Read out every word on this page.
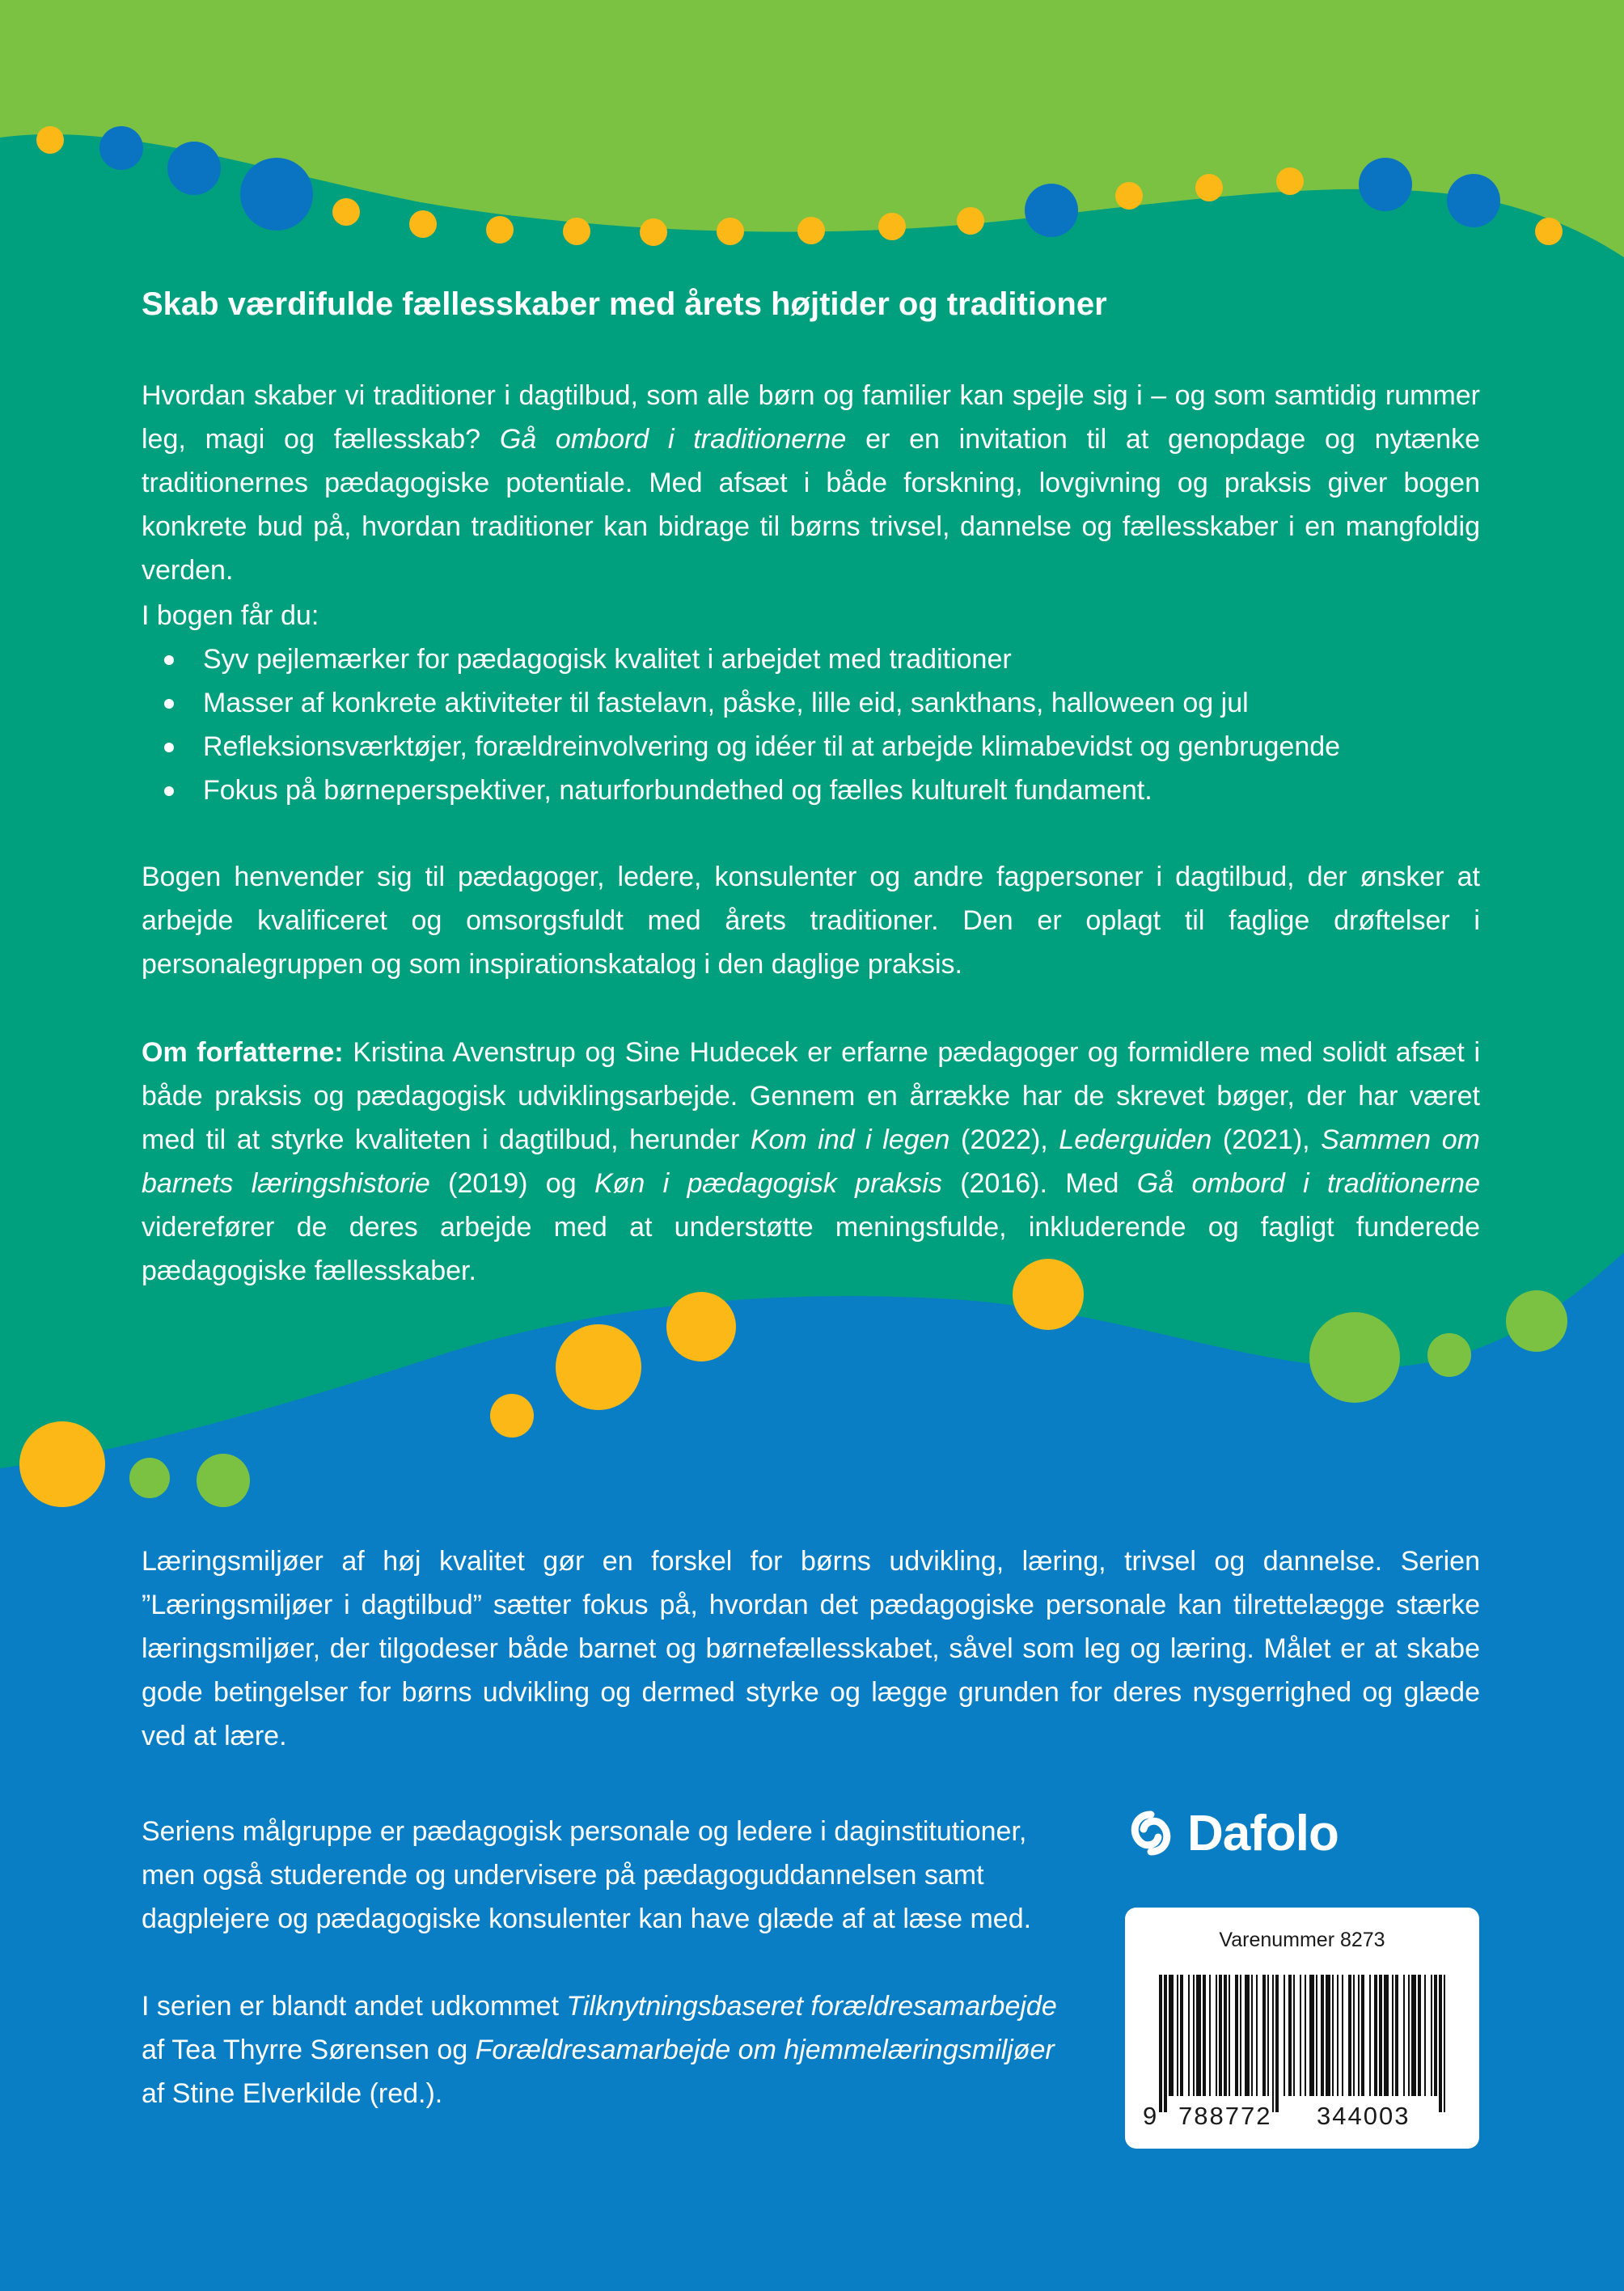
Skab værdifulde fællesskaber med årets højtider og traditioner

Hvordan skaber vi traditioner i dagtilbud, som alle børn og familier kan spejle sig i – og som samtidig rummer leg, magi og fællesskab? Gå ombord i traditionerne er en invitation til at genopdage og nytænke traditionernes pædagogiske potentiale. Med afsæt i både forskning, lovgivning og praksis giver bogen konkrete bud på, hvordan traditioner kan bidrage til børns trivsel, dannelse og fællesskaber i en mangfoldig verden.

I bogen får du:

Syv pejlemærker for pædagogisk kvalitet i arbejdet med traditioner
Masser af konkrete aktiviteter til fastelavn, påske, lille eid, sankthans, halloween og jul
Refleksionsværktøjer, forældreinvolvering og idéer til at arbejde klimabevidst og genbrugende
Fokus på børneperspektiver, naturforbundethed og fælles kulturelt fundament.

Bogen henvender sig til pædagoger, ledere, konsulenter og andre fagpersoner i dagtilbud, der ønsker at arbejde kvalificeret og omsorgsfuldt med årets traditioner. Den er oplagt til faglige drøftelser i personalegruppen og som inspirationskatalog i den daglige praksis.

Om forfatterne: Kristina Avenstrup og Sine Hudecek er erfarne pædagoger og formidlere med solidt afsæt i både praksis og pædagogisk udviklingsarbejde. Gennem en årrække har de skrevet bøger, der har været med til at styrke kvaliteten i dagtilbud, herunder Kom ind i legen (2022), Lederguiden (2021), Sammen om barnets læringshistorie (2019) og Køn i pædagogisk praksis (2016). Med Gå ombord i traditionerne viderefører de deres arbejde med at understøtte meningsfulde, inkluderende og fagligt funderede pædagogiske fællesskaber.

Læringsmiljøer af høj kvalitet gør en forskel for børns udvikling, læring, trivsel og dannelse. Serien ”Læringsmiljøer i dagtilbud” sætter fokus på, hvordan det pædagogiske personale kan tilrettelægge stærke læringsmiljøer, der tilgodeser både barnet og børnefællesskabet, såvel som leg og læring. Målet er at skabe gode betingelser for børns udvikling og dermed styrke og lægge grunden for deres nysgerrighed og glæde ved at lære.

Seriens målgruppe er pædagogisk personale og ledere i daginstitutioner, men også studerende og undervisere på pædagoguddannelsen samt dagplejere og pædagogiske konsulenter kan have glæde af at læse med.

I serien er blandt andet udkommet Tilknytningsbaseret forældresamarbejde af Tea Thyrre Sørensen og Forældresamarbejde om hjemmelæringsmiljøer af Stine Elverkilde (red.).

Dafolo
Varenummer 8273
9 788772 344003
